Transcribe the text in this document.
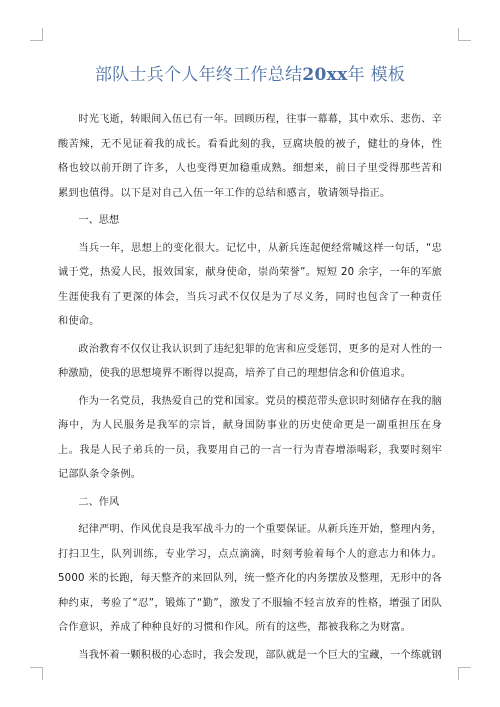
部队士兵个人年终工作总结20xx年 模板

时光飞逝，转眼间入伍已有一年。回顾历程，往事一幕幕，其中欢乐、悲伤、辛酸苦辣，无不见证着我的成长。看看此刻的我，豆腐块般的被子，健壮的身体，性格也较以前开朗了许多，人也变得更加稳重成熟。细想来，前日子里受得那些苦和累到也值得。以下是对自己入伍一年工作的总结和感言，敬请领导指正。

一、思想

当兵一年，思想上的变化很大。记忆中，从新兵连起便经常喊这样一句话，“忠诚于党，热爱人民，报效国家，献身使命，崇尚荣誉”。短短 20 余字，一年的军旅生涯使我有了更深的体会，当兵习武不仅仅是为了尽义务，同时也包含了一种责任和使命。

政治教育不仅仅让我认识到了违纪犯罪的危害和应受惩罚，更多的是对人性的一种激励，使我的思想境界不断得以提高，培养了自己的理想信念和价值追求。

作为一名党员，我热爱自己的党和国家。党员的模范带头意识时刻储存在我的脑海中，为人民服务是我军的宗旨，献身国防事业的历史使命更是一副重担压在身上。我是人民子弟兵的一员，我要用自己的一言一行为青春增添喝彩，我要时刻牢记部队条令条例。

二、作风

纪律严明、作风优良是我军战斗力的一个重要保证。从新兵连开始，整理内务，打扫卫生，队列训练，专业学习，点点滴滴，时刻考验着每个人的意志力和体力。5000 米的长跑，每天整齐的来回队列，统一整齐化的内务摆放及整理，无形中的各种约束，考验了“忍”，锻炼了“勤”，激发了不服输不轻言放弃的性格，增强了团队合作意识，养成了种种良好的习惯和作风。所有的这些，都被我称之为财富。

当我怀着一颗积极的心态时，我会发现，部队就是一个巨大的宝藏，一个练就钢
